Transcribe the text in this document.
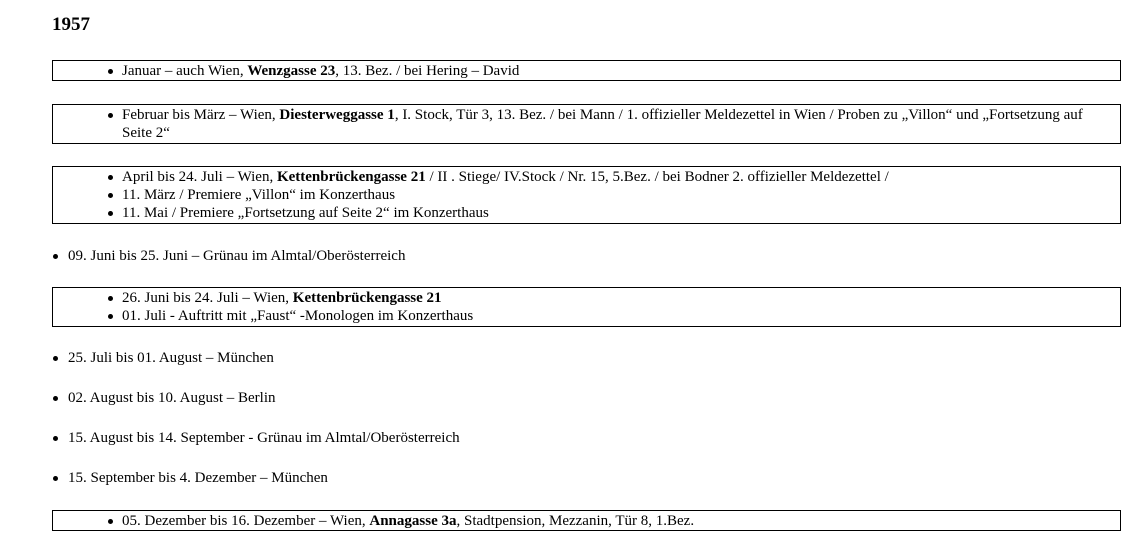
1957
Januar – auch Wien, Wenzgasse 23, 13. Bez. / bei Hering – David
Februar bis März – Wien, Diesterweggasse 1, I. Stock, Tür 3, 13. Bez. / bei Mann / 1. offizieller Meldezettel in Wien / Proben zu „Villon“ und „Fortsetzung auf Seite 2“
April bis 24. Juli – Wien, Kettenbrückengasse 21 / II . Stiege/ IV.Stock / Nr. 15, 5.Bez. / bei Bodner 2. offizieller Meldezettel /
11. März / Premiere „Villon“ im Konzerthaus
11. Mai / Premiere „Fortsetzung auf Seite 2“ im Konzerthaus
09. Juni bis 25. Juni – Grünau im Almtal/Oberösterreich
26. Juni bis 24. Juli – Wien, Kettenbrückengasse 21
01. Juli - Auftritt mit „Faust“ -Monologen im Konzerthaus
25. Juli bis 01. August – München
02. August bis 10. August – Berlin
15. August bis 14. September - Grünau im Almtal/Oberösterreich
15. September bis 4. Dezember – München
05. Dezember bis 16. Dezember – Wien, Annagasse 3a, Stadtpension, Mezzanin, Tür 8, 1.Bez.
